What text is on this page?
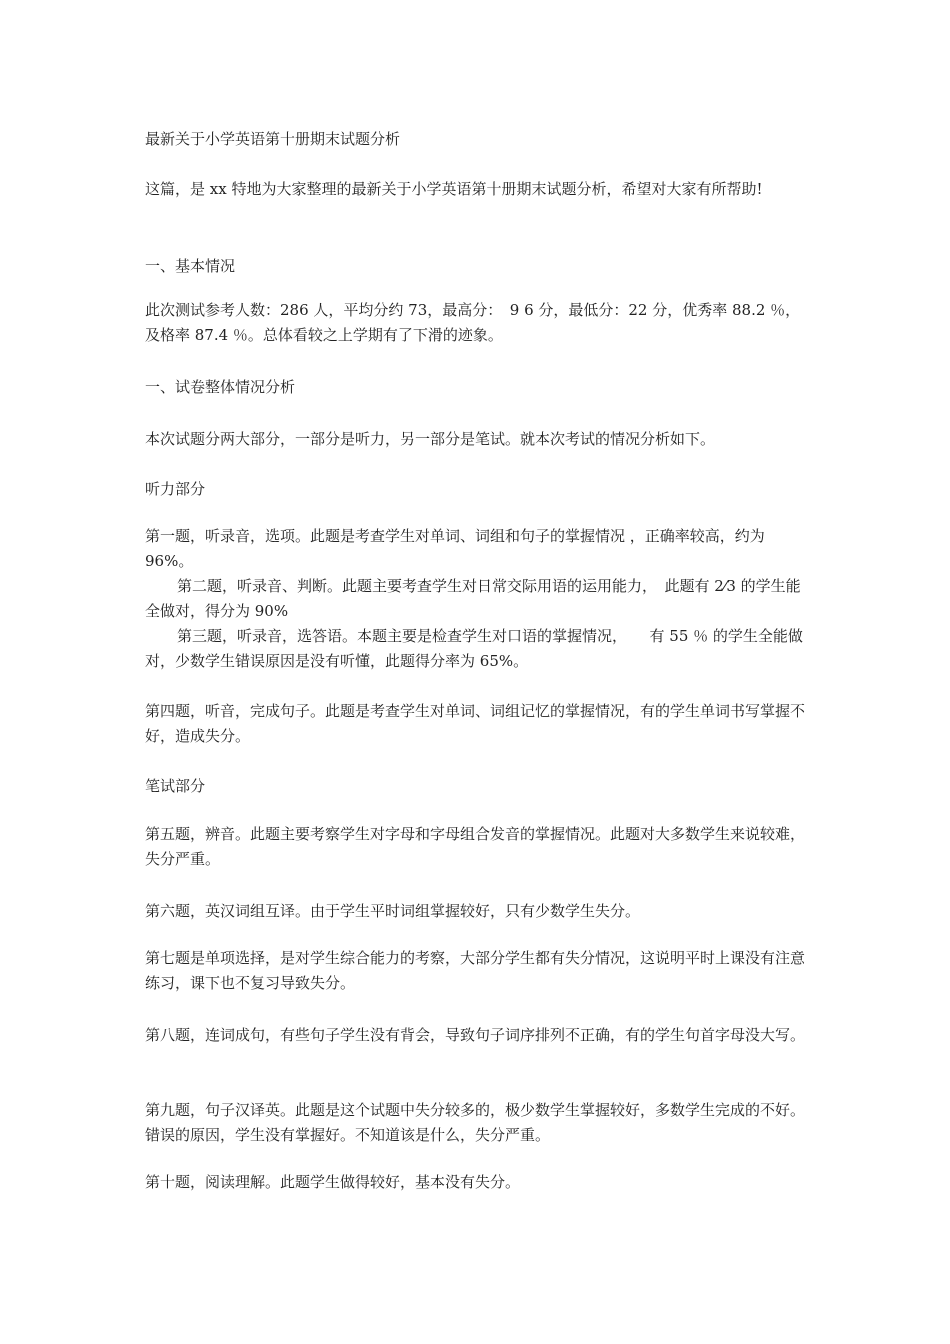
最新关于小学英语第十册期末试题分析

这篇，是 xx 特地为大家整理的最新关于小学英语第十册期末试题分析，希望对大家有所帮助!

一、基本情况

此次测试参考人数：286 人，平均分约 73，最高分：　9 6 分，最低分：22 分，优秀率 88.2 ％，及格率 87.4 ％。总体看较之上学期有了下滑的迹象。

一、试卷整体情况分析

本次试题分两大部分，一部分是听力，另一部分是笔试。就本次考试的情况分析如下。

听力部分

第一题，听录音，选项。此题是考查学生对单词、词组和句子的掌握情况 ，正确率较高，约为 96%。

第二题，听录音、判断。此题主要考查学生对日常交际用语的运用能力，　此题有 2⁄3 的学生能全做对，得分为 90%

第三题，听录音，选答语。本题主要是检查学生对口语的掌握情况，　　有 55 ％ 的学生全能做对，少数学生错误原因是没有听懂，此题得分率为 65%。

第四题，听音，完成句子。此题是考查学生对单词、词组记忆的掌握情况，有的学生单词书写掌握不好，造成失分。

笔试部分

第五题，辨音。此题主要考察学生对字母和字母组合发音的掌握情况。此题对大多数学生来说较难，失分严重。

第六题，英汉词组互译。由于学生平时词组掌握较好，只有少数学生失分。

第七题是单项选择，是对学生综合能力的考察，大部分学生都有失分情况，这说明平时上课没有注意练习，课下也不复习导致失分。

第八题，连词成句，有些句子学生没有背会，导致句子词序排列不正确，有的学生句首字母没大写。

第九题，句子汉译英。此题是这个试题中失分较多的，极少数学生掌握较好，多数学生完成的不好。错误的原因，学生没有掌握好。不知道该是什么，失分严重。

第十题，阅读理解。此题学生做得较好，基本没有失分。
